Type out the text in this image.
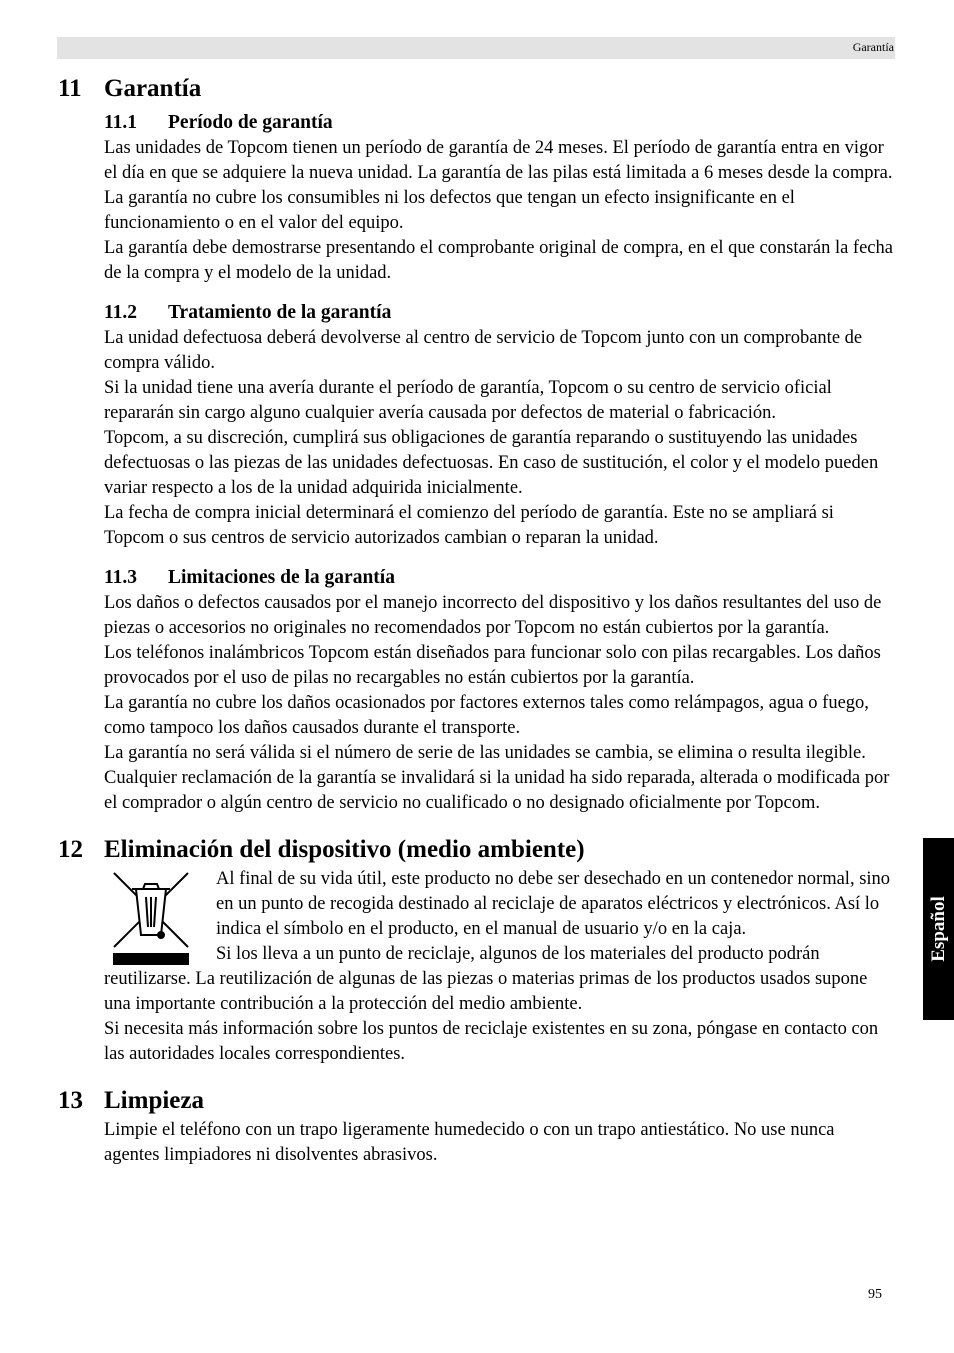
Garantía
11 Garantía
11.1 Período de garantía

Las unidades de Topcom tienen un período de garantía de 24 meses. El período de garantía entra en vigor el día en que se adquiere la nueva unidad. La garantía de las pilas está limitada a 6 meses desde la compra. La garantía no cubre los consumibles ni los defectos que tengan un efecto insignificante en el funcionamiento o en el valor del equipo.

La garantía debe demostrarse presentando el comprobante original de compra, en el que constarán la fecha de la compra y el modelo de la unidad.

11.2 Tratamiento de la garantía

La unidad defectuosa deberá devolverse al centro de servicio de Topcom junto con un comprobante de compra válido.

Si la unidad tiene una avería durante el período de garantía, Topcom o su centro de servicio oficial repararán sin cargo alguno cualquier avería causada por defectos de material o fabricación.

Topcom, a su discreción, cumplirá sus obligaciones de garantía reparando o sustituyendo las unidades defectuosas o las piezas de las unidades defectuosas. En caso de sustitución, el color y el modelo pueden variar respecto a los de la unidad adquirida inicialmente.

La fecha de compra inicial determinará el comienzo del período de garantía. Este no se ampliará si Topcom o sus centros de servicio autorizados cambian o reparan la unidad.

11.3 Limitaciones de la garantía

Los daños o defectos causados por el manejo incorrecto del dispositivo y los daños resultantes del uso de piezas o accesorios no originales no recomendados por Topcom no están cubiertos por la garantía.

Los teléfonos inalámbricos Topcom están diseñados para funcionar solo con pilas recargables. Los daños provocados por el uso de pilas no recargables no están cubiertos por la garantía.

La garantía no cubre los daños ocasionados por factores externos tales como relámpagos, agua o fuego, como tampoco los daños causados durante el transporte.

La garantía no será válida si el número de serie de las unidades se cambia, se elimina o resulta ilegible.

Cualquier reclamación de la garantía se invalidará si la unidad ha sido reparada, alterada o modificada por el comprador o algún centro de servicio no cualificado o no designado oficialmente por Topcom.

12 Eliminación del dispositivo (medio ambiente)

Al final de su vida útil, este producto no debe ser desechado en un contenedor normal, sino en un punto de recogida destinado al reciclaje de aparatos eléctricos y electrónicos. Así lo indica el símbolo en el producto, en el manual de usuario y/o en la caja.

Si los lleva a un punto de reciclaje, algunos de los materiales del producto podrán

reutilizarse. La reutilización de algunas de las piezas o materias primas de los productos usados supone una importante contribución a la protección del medio ambiente.

Si necesita más información sobre los puntos de reciclaje existentes en su zona, póngase en contacto con las autoridades locales correspondientes.

13 Limpieza

Limpie el teléfono con un trapo ligeramente humedecido o con un trapo antiestático. No use nunca agentes limpiadores ni disolventes abrasivos.

Español
95
